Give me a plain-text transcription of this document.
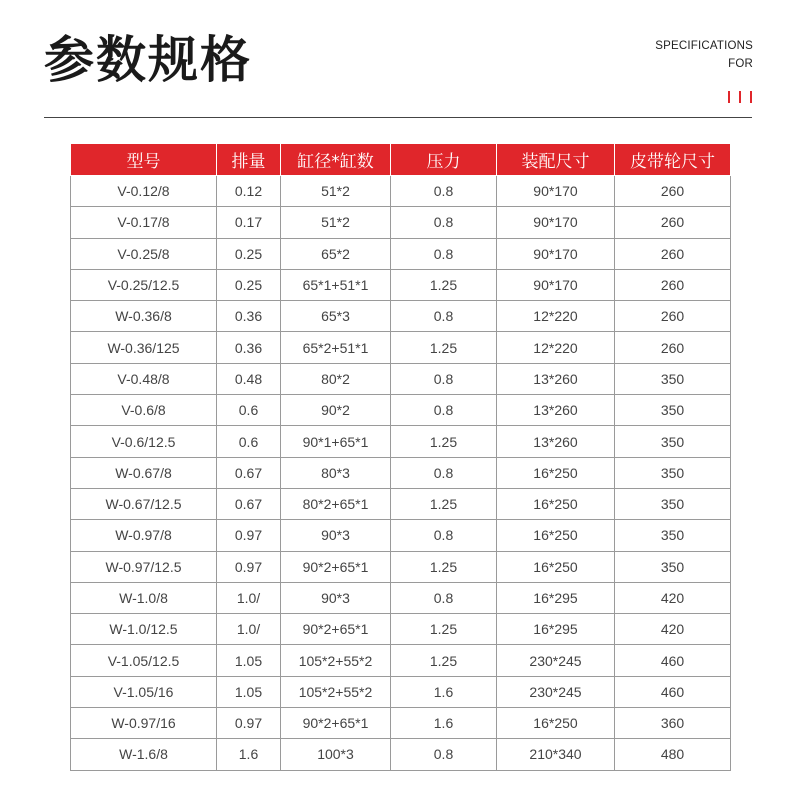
参数规格	SPECIFICATIONS
FOR
型号	排量	缸径*缸数	压力	装配尺寸	皮带轮尺寸
V-0.12/8	0.12	51*2	0.8	90*170	260
V-0.17/8	0.17	51*2	0.8	90*170	260
V-0.25/8	0.25	65*2	0.8	90*170	260
V-0.25/12.5	0.25	65*1+51*1	1.25	90*170	260
W-0.36/8	0.36	65*3	0.8	12*220	260
W-0.36/125	0.36	65*2+51*1	1.25	12*220	260
V-0.48/8	0.48	80*2	0.8	13*260	350
V-0.6/8	0.6	90*2	0.8	13*260	350
V-0.6/12.5	0.6	90*1+65*1	1.25	13*260	350
W-0.67/8	0.67	80*3	0.8	16*250	350
W-0.67/12.5	0.67	80*2+65*1	1.25	16*250	350
W-0.97/8	0.97	90*3	0.8	16*250	350
W-0.97/12.5	0.97	90*2+65*1	1.25	16*250	350
W-1.0/8	1.0/	90*3	0.8	16*295	420
W-1.0/12.5	1.0/	90*2+65*1	1.25	16*295	420
V-1.05/12.5	1.05	105*2+55*2	1.25	230*245	460
V-1.05/16	1.05	105*2+55*2	1.6	230*245	460
W-0.97/16	0.97	90*2+65*1	1.6	16*250	360
W-1.6/8	1.6	100*3	0.8	210*340	480
